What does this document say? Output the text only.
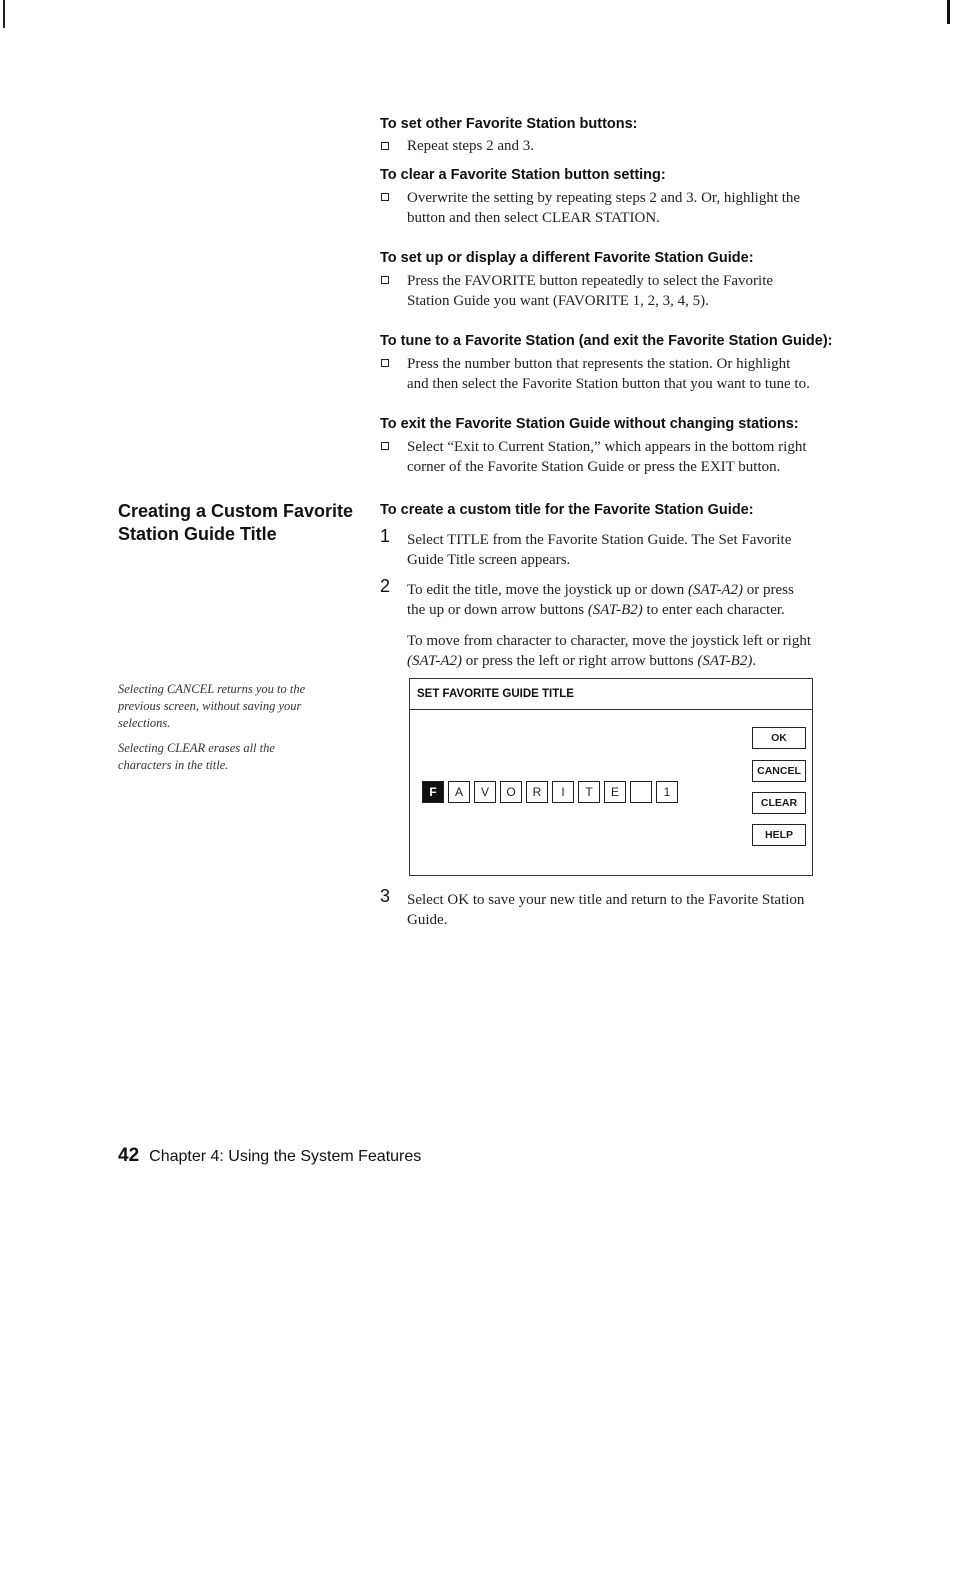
To set other Favorite Station buttons:
Repeat steps 2 and 3.
To clear a Favorite Station button setting:
Overwrite the setting by repeating steps 2 and 3. Or, highlight the
button and then select CLEAR STATION.
To set up or display a different Favorite Station Guide:
Press the FAVORITE button repeatedly to select the Favorite
Station Guide you want (FAVORITE 1, 2, 3, 4, 5).
To tune to a Favorite Station (and exit the Favorite Station Guide):
Press the number button that represents the station. Or highlight
and then select the Favorite Station button that you want to tune to.
To exit the Favorite Station Guide without changing stations:
Select “Exit to Current Station,” which appears in the bottom right
corner of the Favorite Station Guide or press the EXIT button.
Creating a Custom Favorite
Station Guide Title
Selecting CANCEL returns you to the previous screen, without saving your selections.
Selecting CLEAR erases all the characters in the title.
To create a custom title for the Favorite Station Guide:
1 Select TITLE from the Favorite Station Guide. The Set Favorite
Guide Title screen appears.
2 To edit the title, move the joystick up or down (SAT-A2) or press
the up or down arrow buttons (SAT-B2) to enter each character.
To move from character to character, move the joystick left or right
(SAT-A2) or press the left or right arrow buttons (SAT-B2).
SET FAVORITE GUIDE TITLE
F	A	V	O	R	I	T	E	1
OK
CANCEL
CLEAR
HELP
3 Select OK to save your new title and return to the Favorite Station
Guide.
42 Chapter 4: Using the System Features
